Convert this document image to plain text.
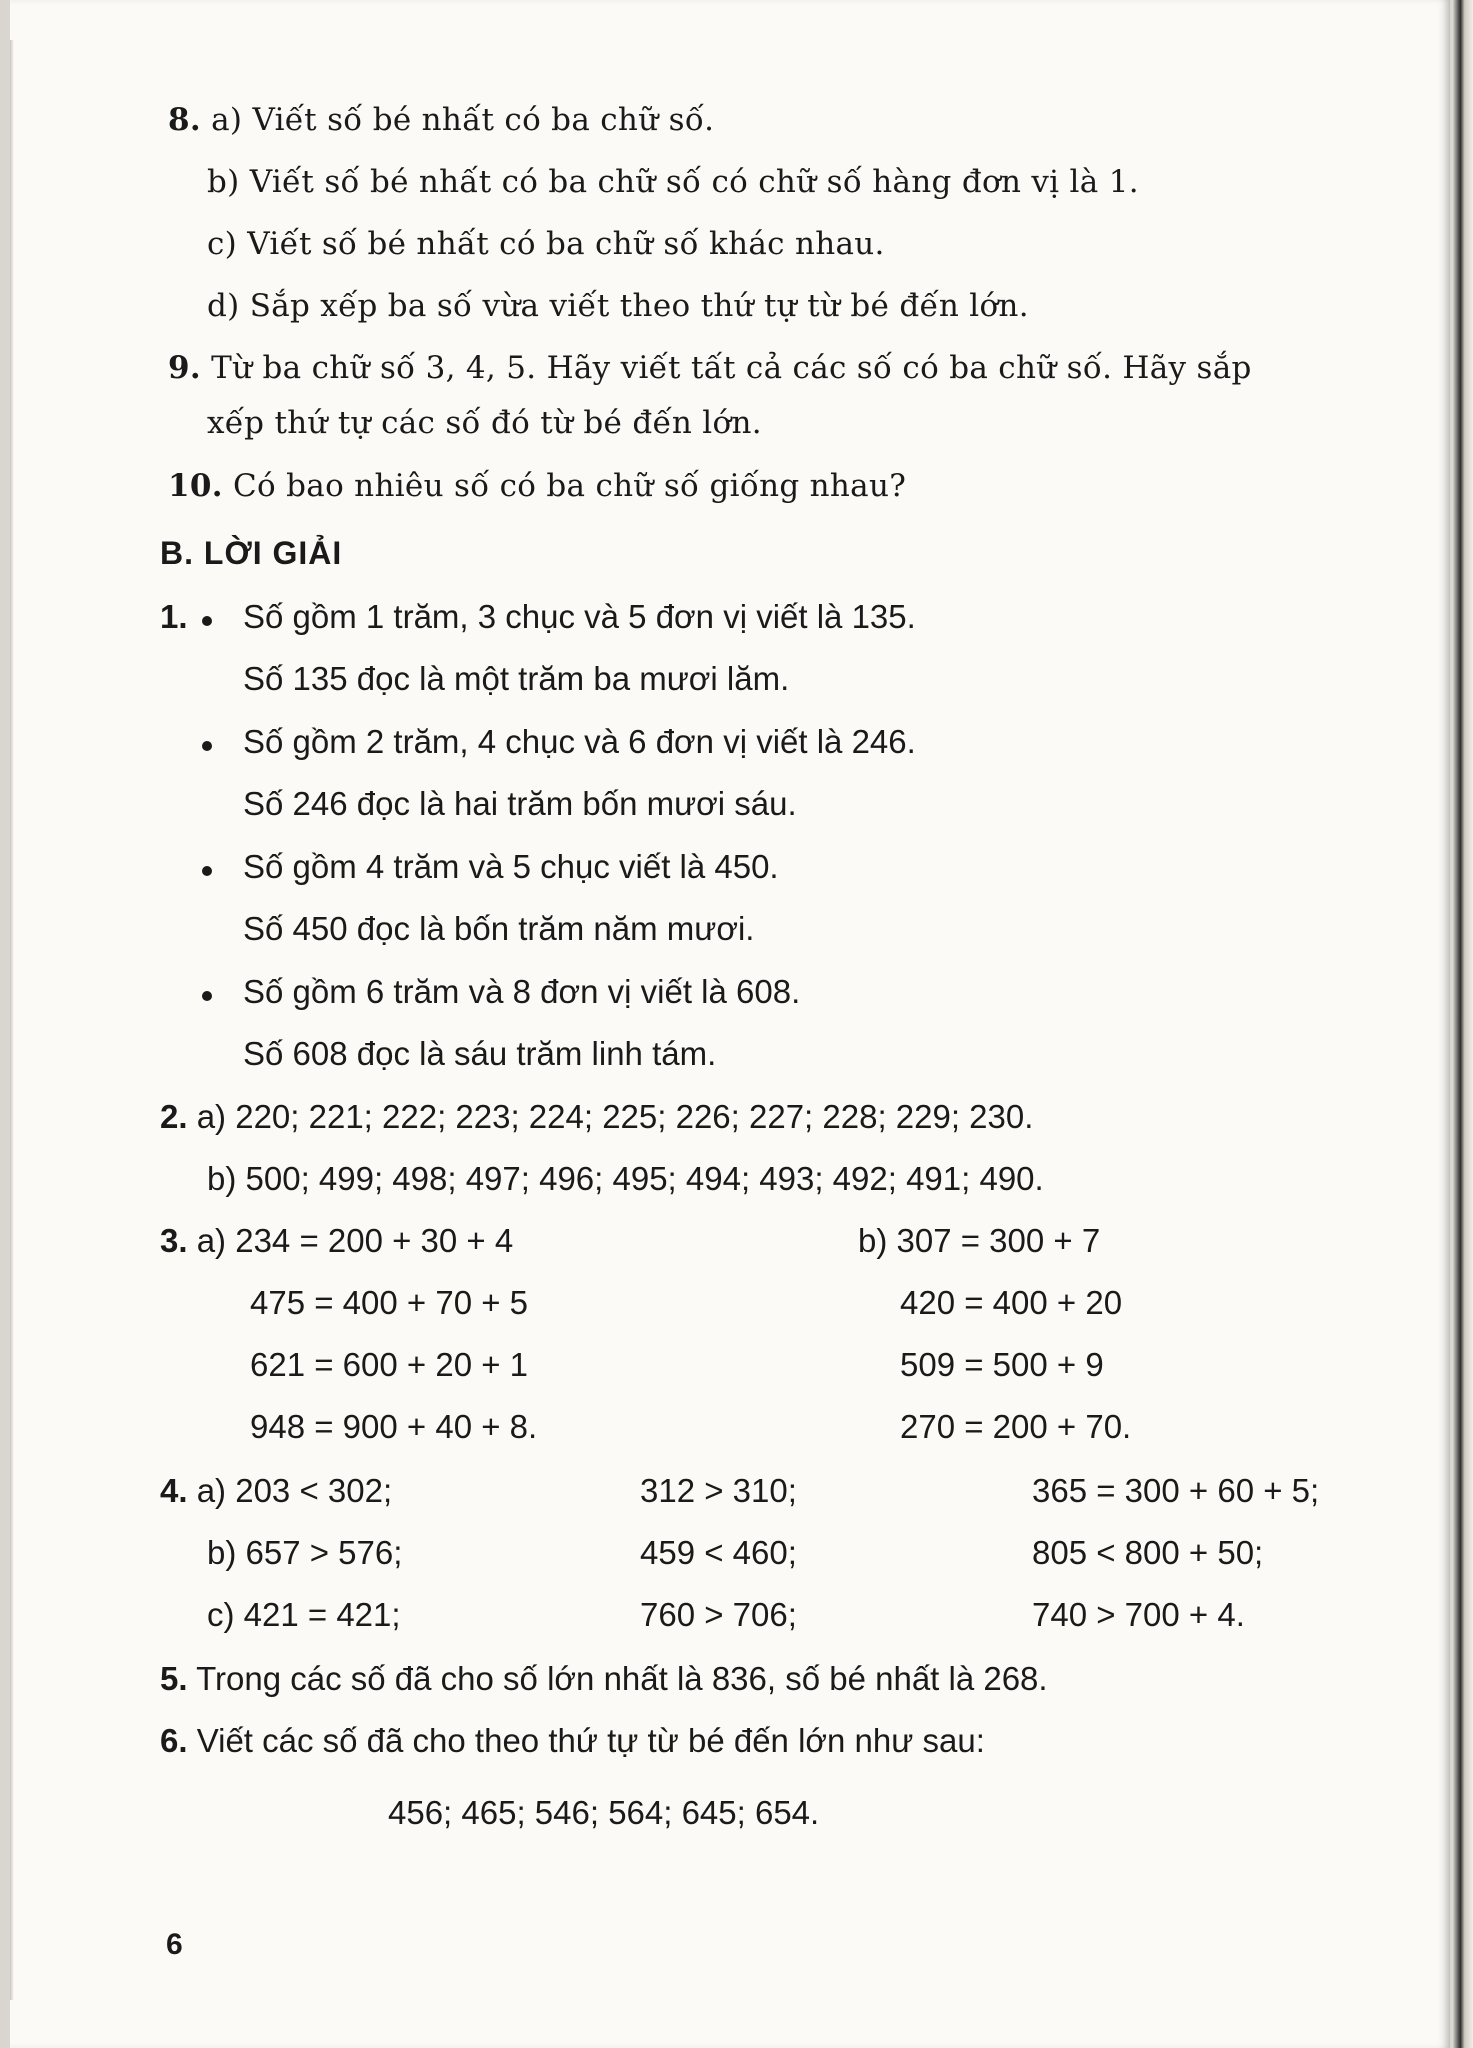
8. a) Viết số bé nhất có ba chữ số.
b) Viết số bé nhất có ba chữ số có chữ số hàng đơn vị là 1.
c) Viết số bé nhất có ba chữ số khác nhau.
d) Sắp xếp ba số vừa viết theo thứ tự từ bé đến lớn.
9. Từ ba chữ số 3, 4, 5. Hãy viết tất cả các số có ba chữ số. Hãy sắp
xếp thứ tự các số đó từ bé đến lớn.
10. Có bao nhiêu số có ba chữ số giống nhau?
B. LỜI GIẢI
1. Số gồm 1 trăm, 3 chục và 5 đơn vị viết là 135.
Số 135 đọc là một trăm ba mươi lăm.
Số gồm 2 trăm, 4 chục và 6 đơn vị viết là 246.
Số 246 đọc là hai trăm bốn mươi sáu.
Số gồm 4 trăm và 5 chục viết là 450.
Số 450 đọc là bốn trăm năm mươi.
Số gồm 6 trăm và 8 đơn vị viết là 608.
Số 608 đọc là sáu trăm linh tám.
2. a) 220; 221; 222; 223; 224; 225; 226; 227; 228; 229; 230.
b) 500; 499; 498; 497; 496; 495; 494; 493; 492; 491; 490.
3. a) 234 = 200 + 30 + 4
475 = 400 + 70 + 5
621 = 600 + 20 + 1
948 = 900 + 40 + 8.
b) 307 = 300 + 7
420 = 400 + 20
509 = 500 + 9
270 = 200 + 70.
4. a) 203 < 302;	312 > 310;	365 = 300 + 60 + 5;
b) 657 > 576;	459 < 460;	805 < 800 + 50;
c) 421 = 421;	760 > 706;	740 > 700 + 4.
5. Trong các số đã cho số lớn nhất là 836, số bé nhất là 268.
6. Viết các số đã cho theo thứ tự từ bé đến lớn như sau:
456; 465; 546; 564; 645; 654.
6
